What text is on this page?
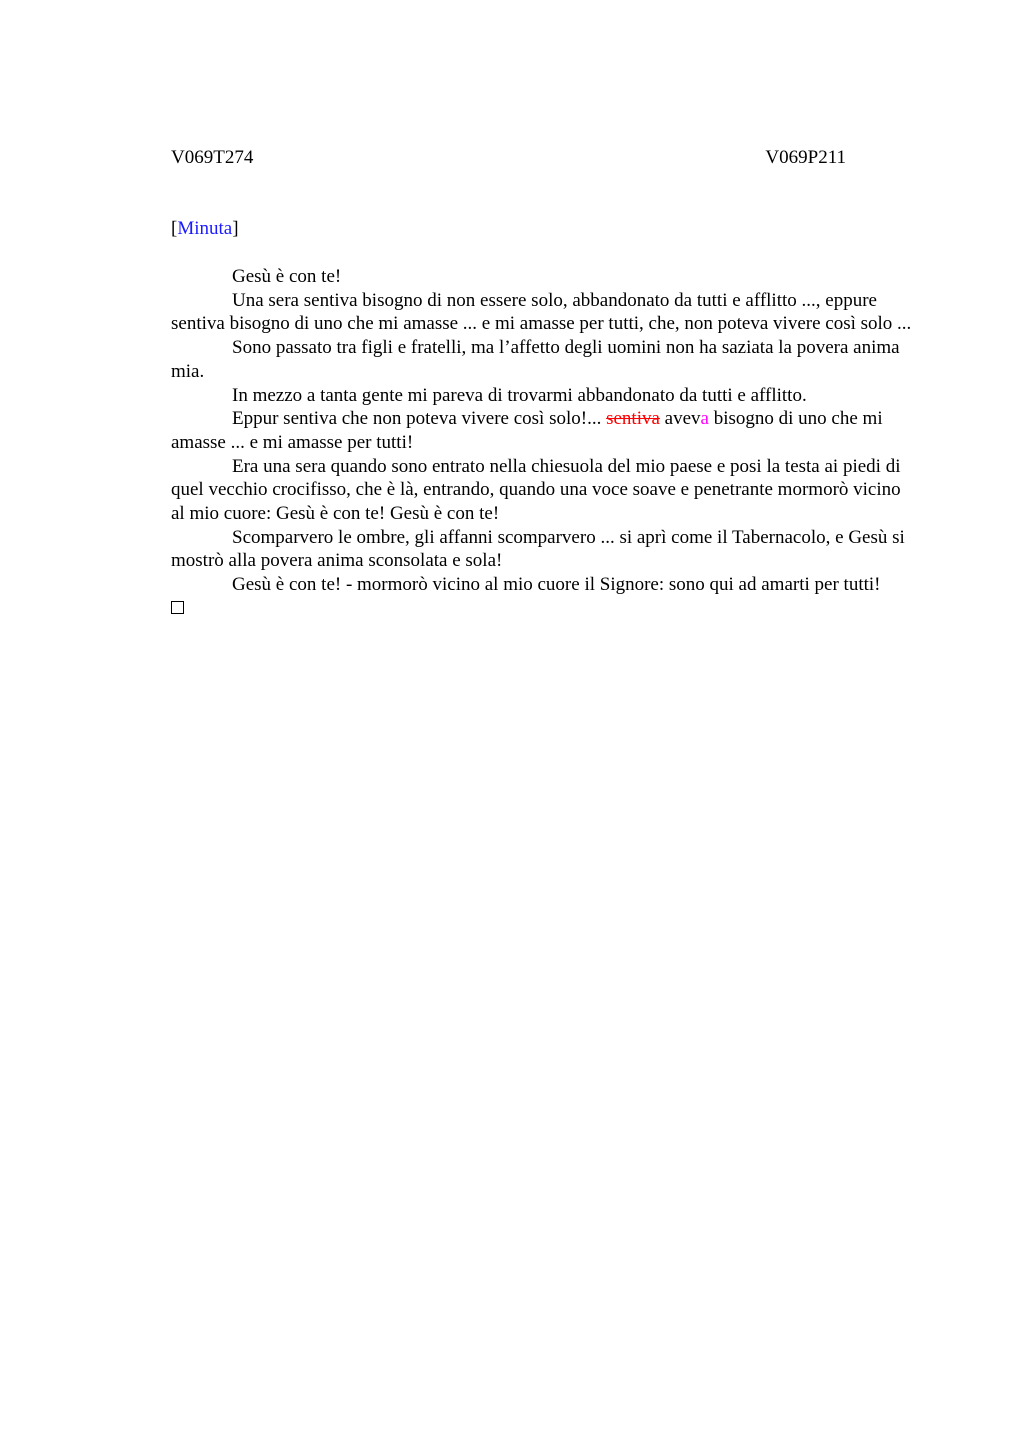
V069T274	V069P211
[Minuta]

Gesù è con te!

Una sera sentiva bisogno di non essere solo, abbandonato da tutti e afflitto ..., eppure sentiva bisogno di uno che mi amasse ... e mi amasse per tutti, che, non poteva vivere così solo ...

Sono passato tra figli e fratelli, ma l’affetto degli uomini non ha saziata la povera anima mia.

In mezzo a tanta gente mi pareva di trovarmi abbandonato da tutti e afflitto.

Eppur sentiva che non poteva vivere così solo!... sentiva aveva bisogno di uno che mi amasse ... e mi amasse per tutti!

Era una sera quando sono entrato nella chiesuola del mio paese e posi la testa ai piedi di quel vecchio crocifisso, che è là, entrando, quando una voce soave e penetrante mormorò vicino al mio cuore: Gesù è con te! Gesù è con te!

Scomparvero le ombre, gli affanni scomparvero ... si aprì come il Tabernacolo, e Gesù si mostrò alla povera anima sconsolata e sola!

Gesù è con te! - mormorò vicino al mio cuore il Signore: sono qui ad amarti per tutti!
